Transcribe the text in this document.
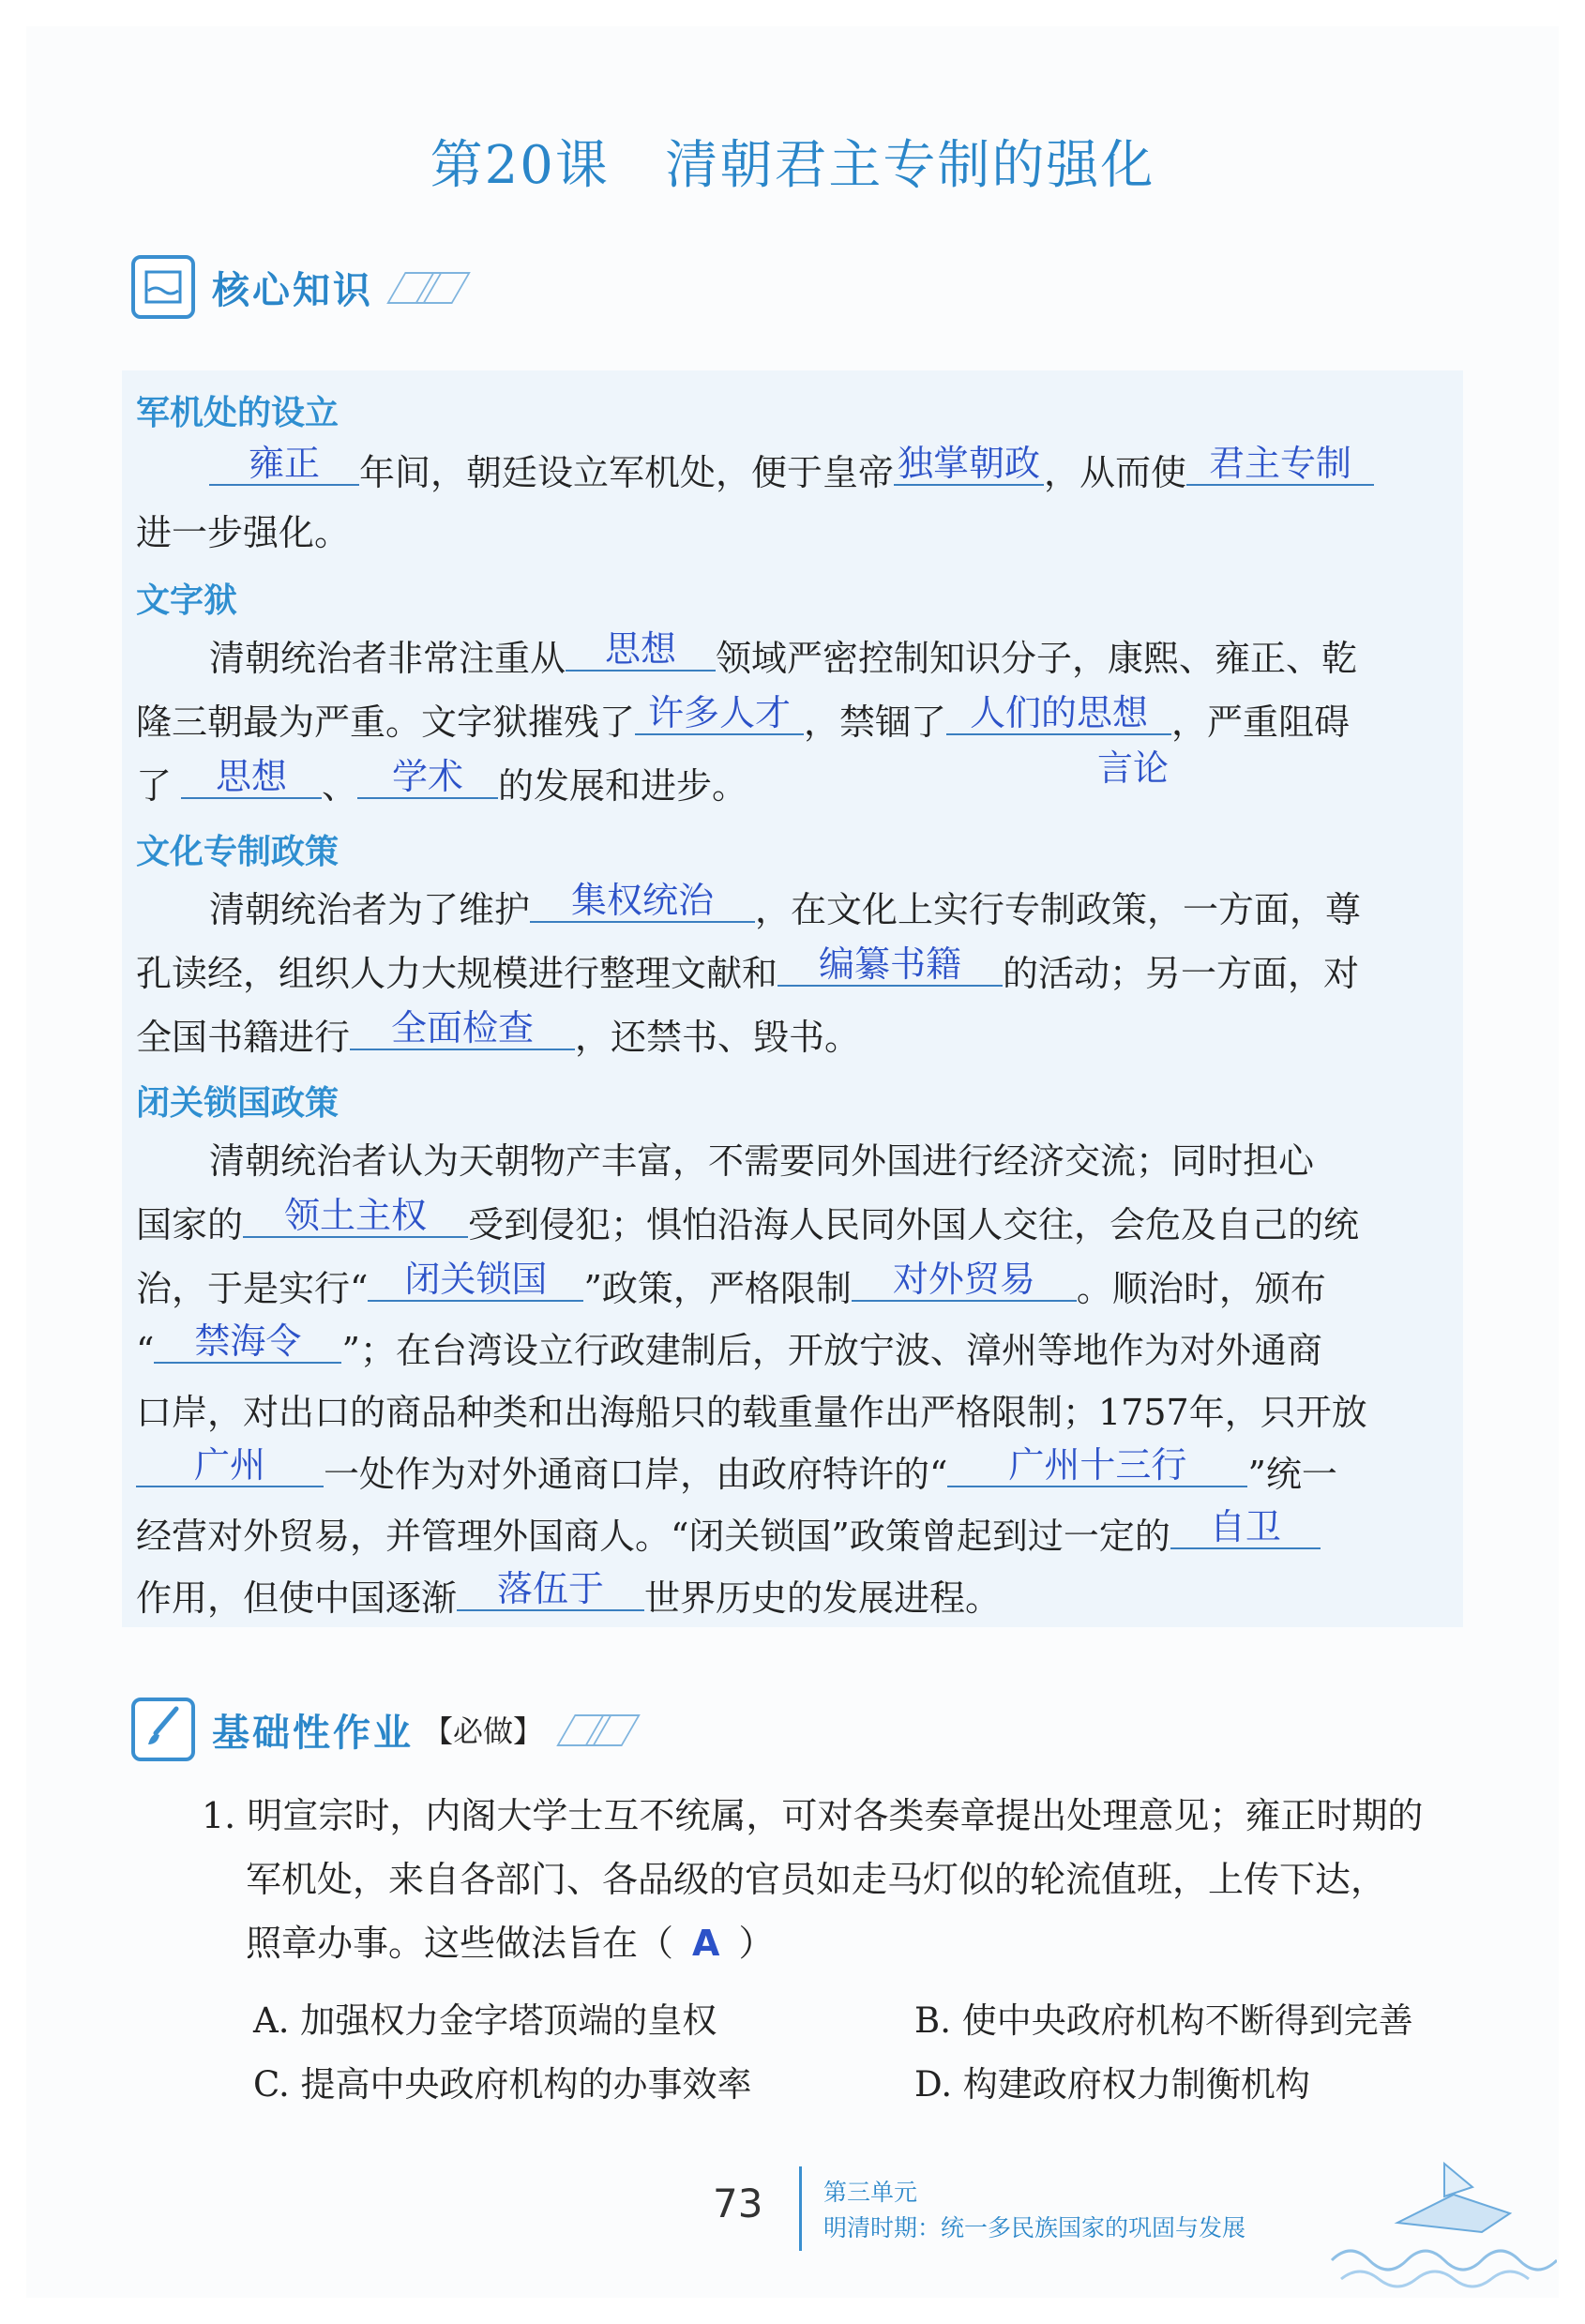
第20课 清朝君主专制的强化
核心知识
军机处的设立
雍正 年间，朝廷设立军机处，便于皇帝 独掌朝政 ，从而使 君主专制
进一步强化。
文字狱
清朝统治者非常注重从 思想 领域严密控制知识分子，康熙、雍正、乾
隆三朝最为严重。文字狱摧残了 许多人才 ，禁锢了 人们的思想 ，严重阻碍
了 思想 、 学术 的发展和进步。	言论
文化专制政策
清朝统治者为了维护 集权统治 ，在文化上实行专制政策，一方面，尊
孔读经，组织人力大规模进行整理文献和 编纂书籍 的活动；另一方面，对
全国书籍进行 全面检查 ，还禁书、毁书。
闭关锁国政策
清朝统治者认为天朝物产丰富，不需要同外国进行经济交流；同时担心
国家的 领土主权 受到侵犯；惧怕沿海人民同外国人交往，会危及自己的统
治，于是实行“ 闭关锁国 ”政策，严格限制 对外贸易 。顺治时，颁布
“ 禁海令 ”；在台湾设立行政建制后，开放宁波、漳州等地作为对外通商
口岸，对出口的商品种类和出海船只的载重量作出严格限制；1757年，只开放
广州 一处作为对外通商口岸，由政府特许的“ 广州十三行 ”统一
经营对外贸易，并管理外国商人。“闭关锁国”政策曾起到过一定的 自卫
作用，但使中国逐渐 落伍于 世界历史的发展进程。
基础性作业 【必做】
1. 明宣宗时，内阁大学士互不统属，可对各类奏章提出处理意见；雍正时期的
军机处，来自各部门、各品级的官员如走马灯似的轮流值班，上传下达，
照章办事。这些做法旨在（ A ）
A. 加强权力金字塔顶端的皇权	B. 使中央政府机构不断得到完善
C. 提高中央政府机构的办事效率	D. 构建政府权力制衡机构
73	第三单元
明清时期：统一多民族国家的巩固与发展
